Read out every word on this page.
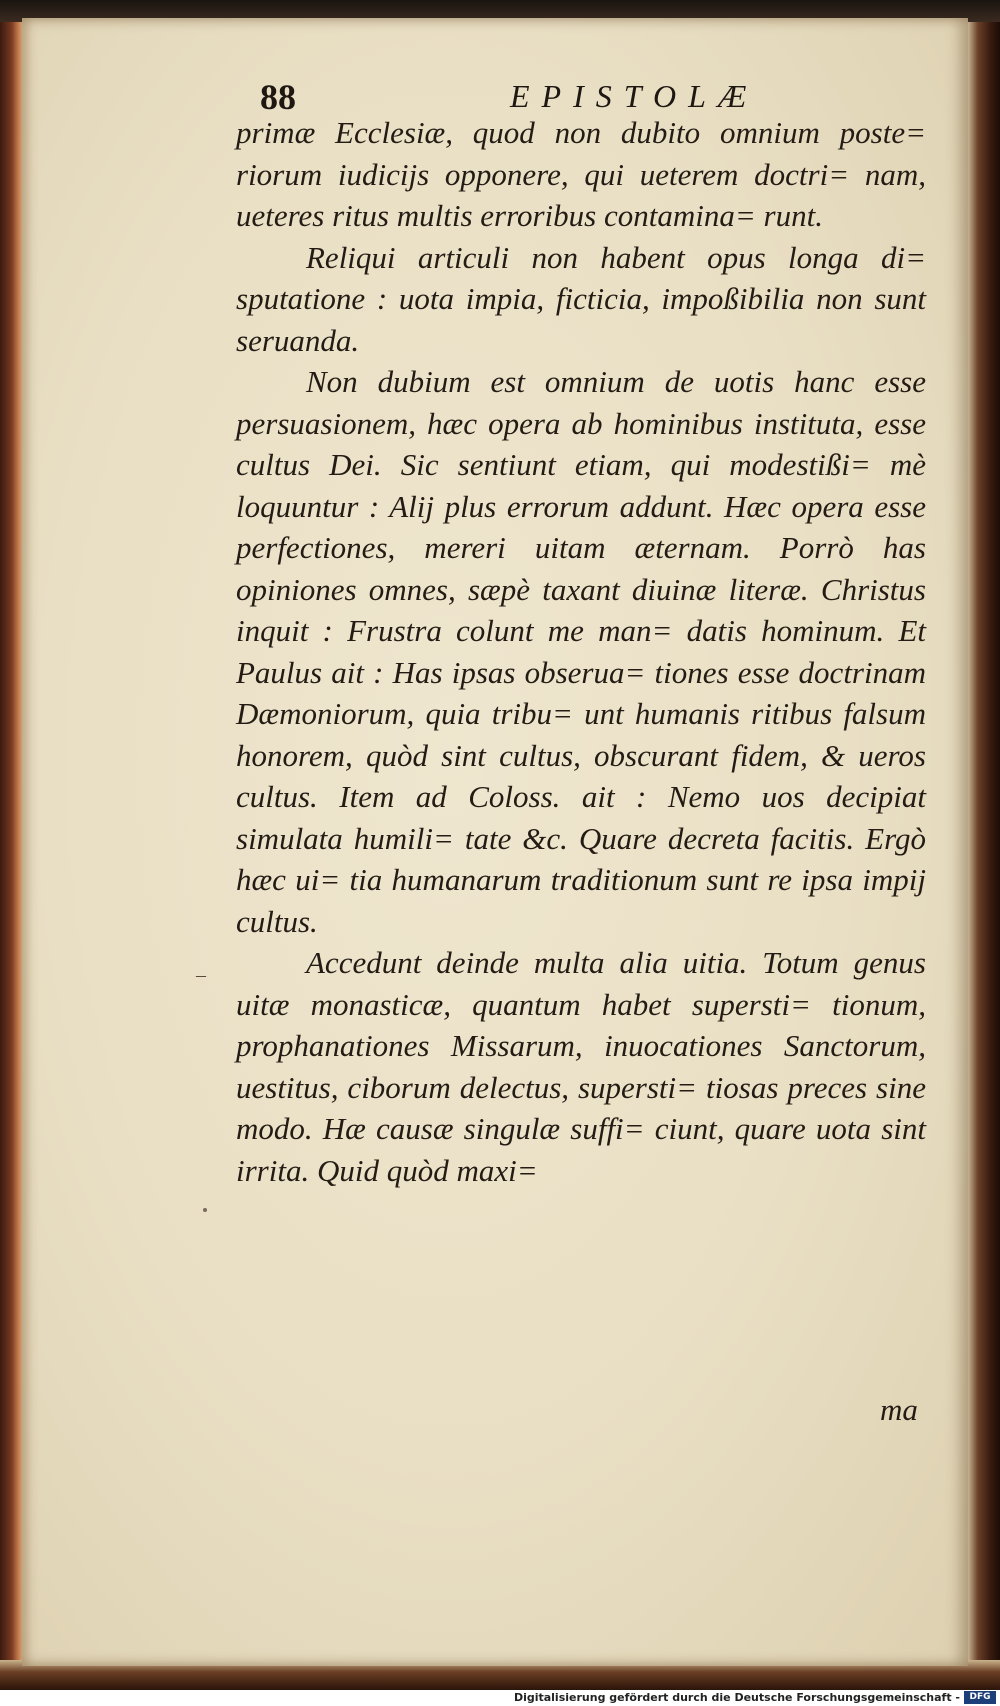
88	EPISTOLÆ

primæ Ecclesiæ, quod non dubito omnium poste= riorum iudicijs opponere, qui ueterem doctri= nam, ueteres ritus multis erroribus contamina= runt.

Reliqui articuli non habent opus longa di= sputatione : uota impia, ficticia, impoßibilia non sunt seruanda.

Non dubium est omnium de uotis hanc esse persuasionem, hæc opera ab hominibus instituta, esse cultus Dei. Sic sentiunt etiam, qui modestißi= mè loquuntur : Alij plus errorum addunt. Hæc opera esse perfectiones, mereri uitam æternam. Porrò has opiniones omnes, sæpè taxant diuinæ literæ. Christus inquit : Frustra colunt me man= datis hominum. Et Paulus ait : Has ipsas obserua= tiones esse doctrinam Dæmoniorum, quia tribu= unt humanis ritibus falsum honorem, quòd sint cultus, obscurant fidem, & ueros cultus. Item ad Coloss. ait : Nemo uos decipiat simulata humili= tate &c. Quare decreta facitis. Ergò hæc ui= tia humanarum traditionum sunt re ipsa impij cultus.

Accedunt deinde multa alia uitia. Totum genus uitæ monasticæ, quantum habet supersti= tionum, prophanationes Missarum, inuocationes Sanctorum, uestitus, ciborum delectus, supersti= tiosas preces sine modo. Hæ causæ singulæ suffi= ciunt, quare uota sint irrita. Quid quòd maxi=

ma
‒
Digitalisierung gefördert durch die Deutsche Forschungsgemeinschaft -	DFG
